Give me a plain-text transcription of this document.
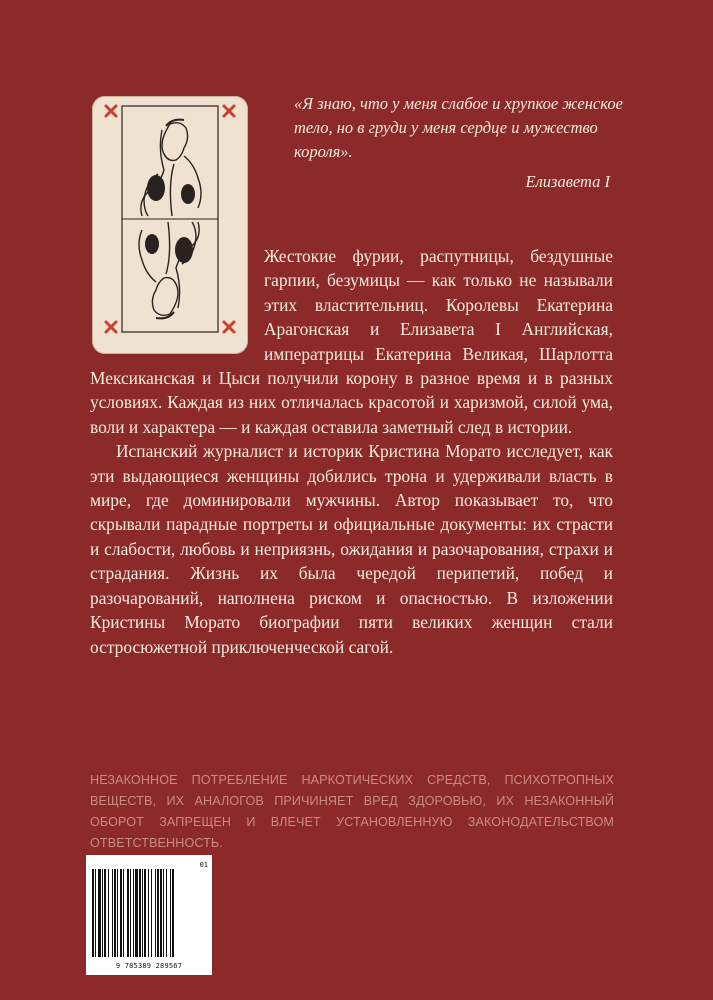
«Я знаю, что у меня слабое и хрупкое женское тело, но в груди у меня сердце и мужество короля».
Елизавета I

Жестокие фурии, распутницы, бездушные гарпии, безумицы — как только не называли этих властительниц. Королевы Екатерина Арагонская и Елизавета I Английская, императрицы Екатерина Великая, Шарлотта Мексиканская и Цыси получили корону в разное время и в разных условиях. Каждая из них отличалась красотой и харизмой, силой ума, воли и характера — и каждая оставила заметный след в истории.

Испанский журналист и историк Кристина Морато исследует, как эти выдающиеся женщины добились трона и удерживали власть в мире, где доминировали мужчины. Автор показывает то, что скрывали парадные портреты и официальные документы: их страсти и слабости, любовь и неприязнь, ожидания и разочарования, страхи и страдания. Жизнь их была чередой перипетий, побед и разочарований, наполнена риском и опасностью. В изложении Кристины Морато биографии пяти великих женщин стали остросюжетной приключенческой сагой.

НЕЗАКОННОЕ ПОТРЕБЛЕНИЕ НАРКОТИЧЕСКИХ СРЕДСТВ, ПСИХОТРОПНЫХ ВЕЩЕСТВ, ИХ АНАЛОГОВ ПРИЧИНЯЕТ ВРЕД ЗДОРОВЬЮ, ИХ НЕЗАКОННЫЙ ОБОРОТ ЗАПРЕЩЕН И ВЛЕЧЕТ УСТАНОВЛЕННУЮ ЗАКОНОДАТЕЛЬСТВОМ ОТВЕТСТВЕННОСТЬ.
01
9 785389 289567
